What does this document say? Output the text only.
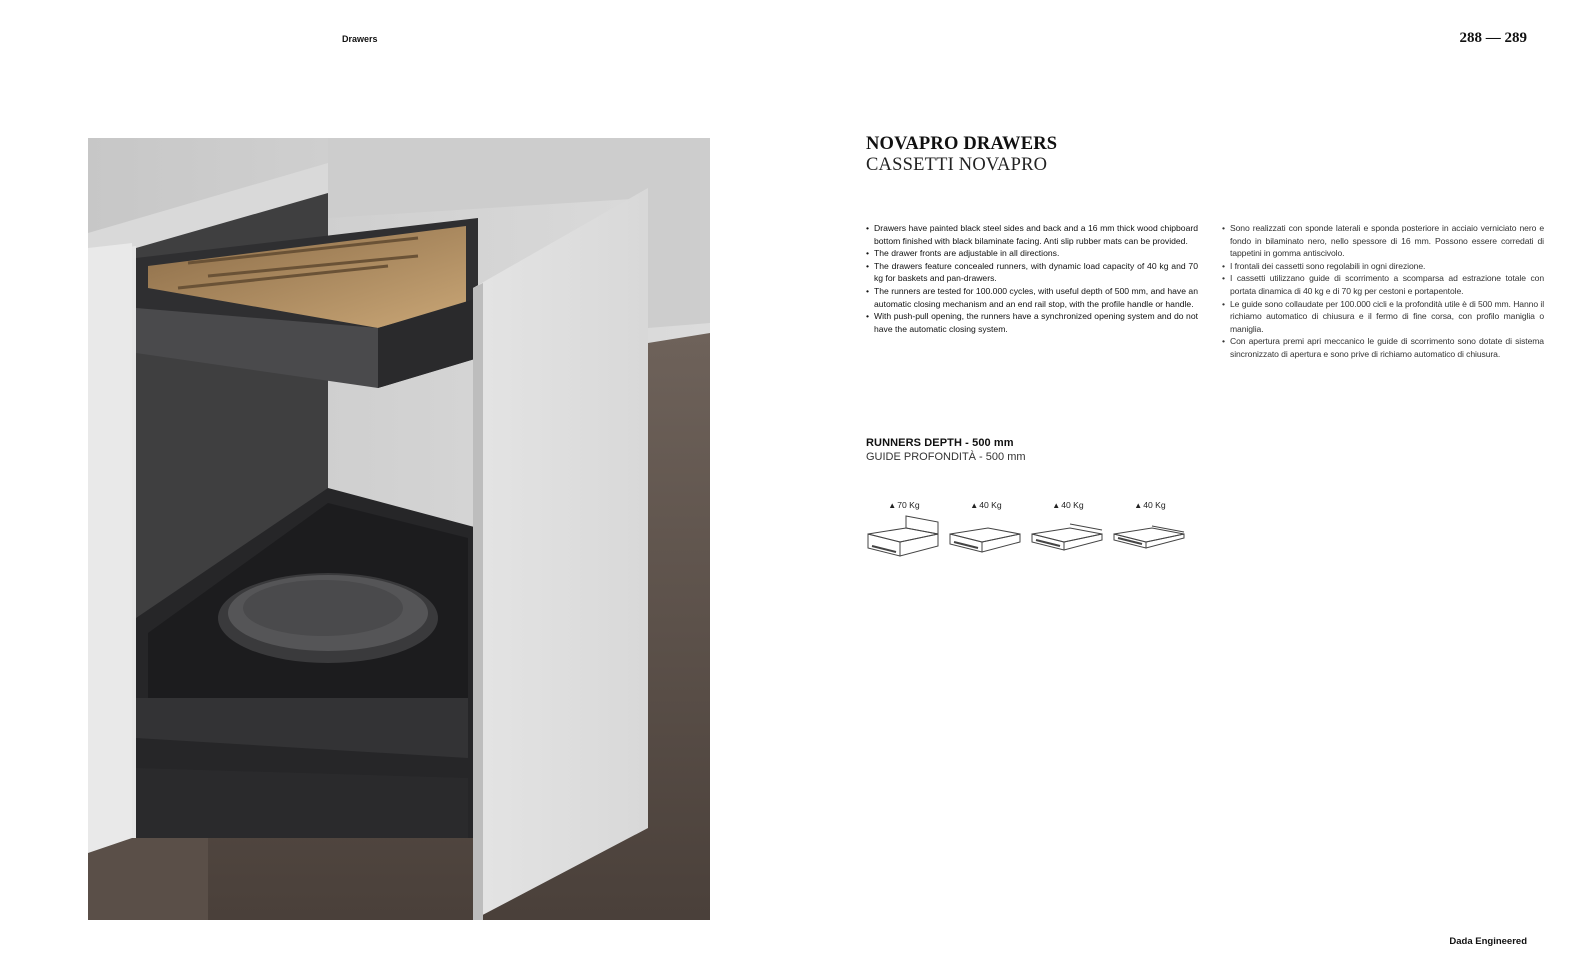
Drawers	288 — 289
Dada Engineered
NOVAPRO DRAWERS
CASSETTI NOVAPRO
• Drawers have painted black steel sides and back and a 16 mm thick wood chipboard bottom finished with black bilaminate facing. Anti slip rubber mats can be provided.
• The drawer fronts are adjustable in all directions.
• The drawers feature concealed runners, with dynamic load capacity of 40 kg and 70 kg for baskets and pan-drawers.
• The runners are tested for 100.000 cycles, with useful depth of 500 mm, and have an automatic closing mechanism and an end rail stop, with the profile handle or handle.
• With push-pull opening, the runners have a synchronized opening system and do not have the automatic closing system.
• Sono realizzati con sponde laterali e sponda posteriore in acciaio verniciato nero e fondo in bilaminato nero, nello spessore di 16 mm. Possono essere corredati di tappetini in gomma antiscivolo.
• I frontali dei cassetti sono regolabili in ogni direzione.
• I cassetti utilizzano guide di scorrimento a scomparsa ad estrazione totale con portata dinamica di 40 kg e di 70 kg per cestoni e portapentole.
• Le guide sono collaudate per 100.000 cicli e la profondità utile è di 500 mm. Hanno il richiamo automatico di chiusura e il fermo di fine corsa, con profilo maniglia o maniglia.
• Con apertura premi apri meccanico le guide di scorrimento sono dotate di sistema sincronizzato di apertura e sono prive di richiamo automatico di chiusura.
RUNNERS DEPTH - 500 mm
GUIDE PROFONDITÀ - 500 mm
▲70 Kg	▲40 Kg	▲40 Kg	▲40 Kg
